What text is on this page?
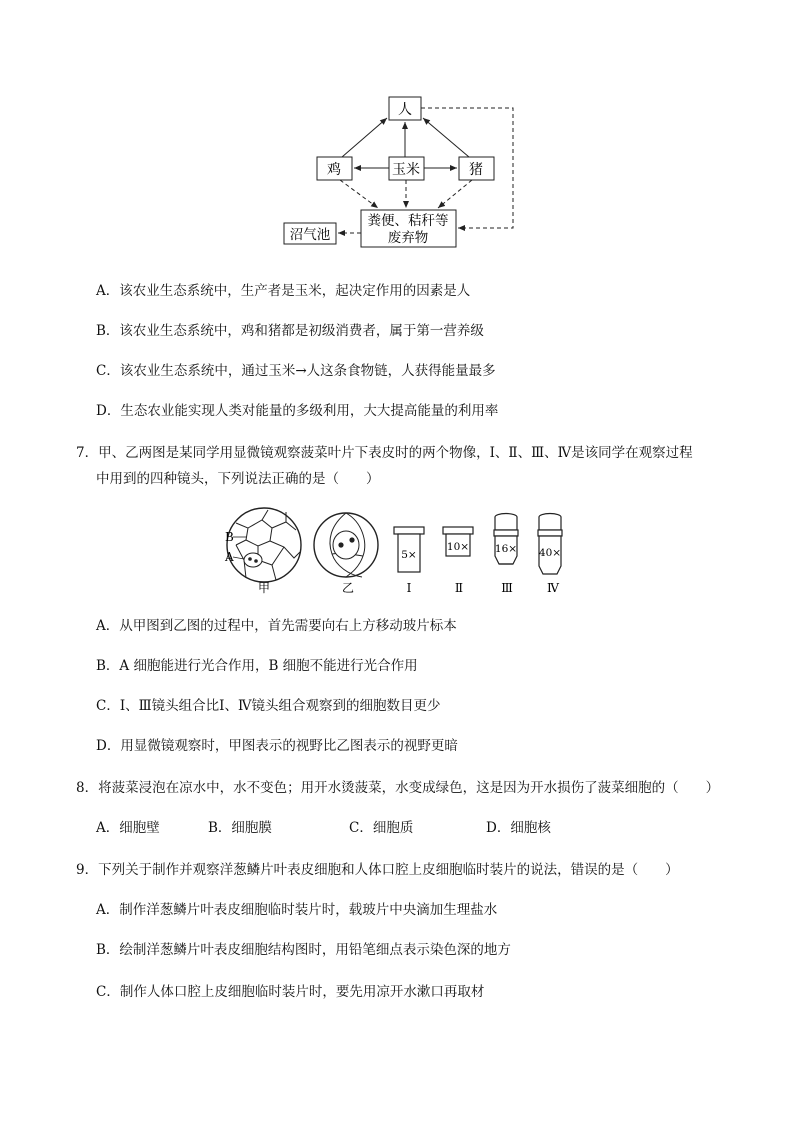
人
鸡	玉米	猪
粪便、秸秆等
废弃物
沼气池
A．该农业生态系统中，生产者是玉米，起决定作用的因素是人
B．该农业生态系统中，鸡和猪都是初级消费者，属于第一营养级
C．该农业生态系统中，通过玉米→人这条食物链，人获得能量最多
D．生态农业能实现人类对能量的多级利用，大大提高能量的利用率
7．甲、乙两图是某同学用显微镜观察菠菜叶片下表皮时的两个物像，Ⅰ、Ⅱ、Ⅲ、Ⅳ是该同学在观察过程
中用到的四种镜头，下列说法正确的是（　　）
B
A
甲	乙
5×
Ⅰ
10×
Ⅱ
16×
Ⅲ
40×
Ⅳ
A．从甲图到乙图的过程中，首先需要向右上方移动玻片标本
B．A 细胞能进行光合作用，B 细胞不能进行光合作用
C．Ⅰ、Ⅲ镜头组合比Ⅰ、Ⅳ镜头组合观察到的细胞数目更少
D．用显微镜观察时，甲图表示的视野比乙图表示的视野更暗
8．将菠菜浸泡在凉水中，水不变色；用开水烫菠菜，水变成绿色，这是因为开水损伤了菠菜细胞的（　　）
A．细胞壁	B．细胞膜	C．细胞质	D．细胞核
9．下列关于制作并观察洋葱鳞片叶表皮细胞和人体口腔上皮细胞临时装片的说法，错误的是（　　）
A．制作洋葱鳞片叶表皮细胞临时装片时，载玻片中央滴加生理盐水
B．绘制洋葱鳞片叶表皮细胞结构图时，用铅笔细点表示染色深的地方
C．制作人体口腔上皮细胞临时装片时，要先用凉开水漱口再取材
